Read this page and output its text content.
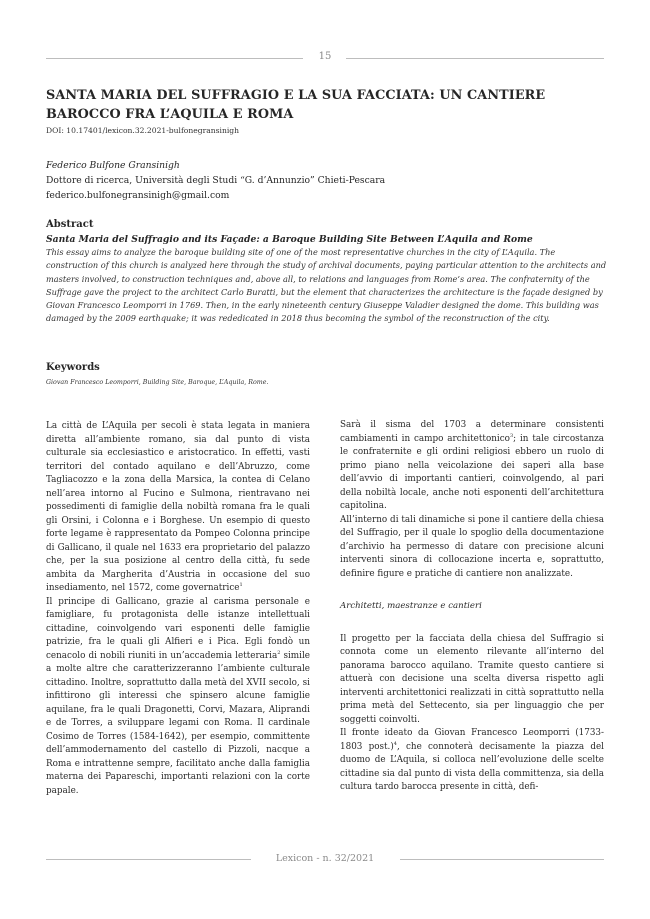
15
SANTA MARIA DEL SUFFRAGIO E LA SUA FACCIATA: UN CANTIERE BAROCCO FRA L’AQUILA E ROMA
DOI: 10.17401/lexicon.32.2021-bulfonegransinigh
Federico Bulfone Gransinigh
Dottore di ricerca, Università degli Studi “G. d’Annunzio” Chieti-Pescara
federico.bulfonegransinigh@gmail.com
Abstract
Santa Maria del Suffragio and its Façade: a Baroque Building Site Between L’Aquila and Rome
This essay aims to analyze the baroque building site of one of the most representative churches in the city of L’Aquila. The construction of this church is analyzed here through the study of archival documents, paying particular attention to the architects and masters involved, to construction techniques and, above all, to relations and languages from Rome’s area. The confraternity of the Suffrage gave the project to the architect Carlo Buratti, but the element that characterizes the architecture is the façade designed by Giovan Francesco Leomporri in 1769. Then, in the early nineteenth century Giuseppe Valadier designed the dome. This building was damaged by the 2009 earthquake; it was rededicated in 2018 thus becoming the symbol of the reconstruction of the city.
Keywords
Giovan Francesco Leomporri, Building Site, Baroque, L’Aquila, Rome.

La città de L’Aquila per secoli è stata legata in maniera diretta all’ambiente romano, sia dal punto di vista culturale sia ecclesiastico e aristocratico. In effetti, vasti territori del contado aquilano e dell’Abruzzo, come Tagliacozzo e la zona della Marsica, la contea di Celano nell’area intorno al Fucino e Sulmona, rientravano nei possedimenti di famiglie della nobiltà romana fra le quali gli Orsini, i Colonna e i Borghese. Un esempio di questo forte legame è rappresentato da Pompeo Colonna principe di Gallicano, il quale nel 1633 era proprietario del palazzo che, per la sua posizione al centro della città, fu sede ambita da Margherita d’Austria in occasione del suo insediamento, nel 1572, come governatrice$^1$

Il principe di Gallicano, grazie al carisma personale e famigliare, fu protagonista delle istanze intellettuali cittadine, coinvolgendo vari esponenti delle famiglie patrizie, fra le quali gli Alfieri e i Pica. Egli fondò un cenacolo di nobili riuniti in un’accademia letteraria$^2$ simile a molte altre che caratterizzeranno l’ambiente culturale cittadino. Inoltre, soprattutto dalla metà del XVII secolo, si infittirono gli interessi che spinsero alcune famiglie aquilane, fra le quali Dragonetti, Corvi, Mazara, Aliprandi e de Torres, a sviluppare legami con Roma. Il cardinale Cosimo de Torres (1584-1642), per esempio, committente dell’ammodernamento del castello di Pizzoli, nacque a Roma e intrattenne sempre, facilitato anche dalla famiglia materna dei Papareschi, importanti relazioni con la corte papale.

Sarà il sisma del 1703 a determinare consistenti cambiamenti in campo architettonico$^3$; in tale circostanza le confraternite e gli ordini religiosi ebbero un ruolo di primo piano nella veicolazione dei saperi alla base dell’avvio di importanti cantieri, coinvolgendo, al pari della nobiltà locale, anche noti esponenti dell’architettura capitolina.

All’interno di tali dinamiche si pone il cantiere della chiesa del Suffragio, per il quale lo spoglio della documentazione d’archivio ha permesso di datare con precisione alcuni interventi sinora di collocazione incerta e, soprattutto, definire figure e pratiche di cantiere non analizzate.

Architetti, maestranze e cantieri

Il progetto per la facciata della chiesa del Suffragio si connota come un elemento rilevante all’interno del panorama barocco aquilano. Tramite questo cantiere si attuerà con decisione una scelta diversa rispetto agli interventi architettonici realizzati in città soprattutto nella prima metà del Settecento, sia per linguaggio che per soggetti coinvolti.

Il fronte ideato da Giovan Francesco Leomporri (1733-1803 post.)$^4$, che connoterà decisamente la piazza del duomo de L’Aquila, si colloca nell’evoluzione delle scelte cittadine sia dal punto di vista della committenza, sia della cultura tardo barocca presente in città, defi-

Lexicon - n. 32/2021
